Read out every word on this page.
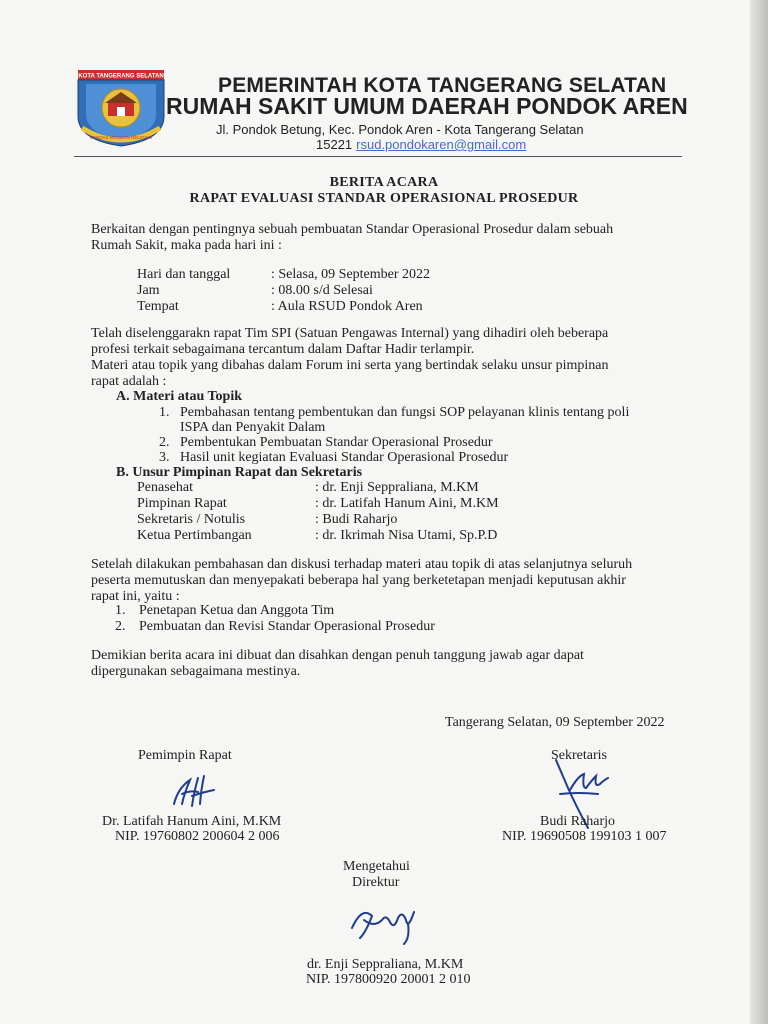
KOTA TANGERANG SELATAN
CERDAS MODERN RELIGIUS
PEMERINTAH KOTA TANGERANG SELATAN
RUMAH SAKIT UMUM DAERAH PONDOK AREN
Jl. Pondok Betung, Kec. Pondok Aren - Kota Tangerang Selatan
15221 rsud.pondokaren@gmail.com
BERITA ACARA
RAPAT EVALUASI STANDAR OPERASIONAL PROSEDUR
Berkaitan dengan pentingnya sebuah pembuatan Standar Operasional Prosedur dalam sebuah
Rumah Sakit, maka pada hari ini :
Hari dan tanggal	: Selasa, 09 September 2022
Jam	: 08.00 s/d Selesai
Tempat	: Aula RSUD Pondok Aren
Telah diselenggarakn rapat Tim SPI (Satuan Pengawas Internal) yang dihadiri oleh beberapa
profesi terkait sebagaimana tercantum dalam Daftar Hadir terlampir.
Materi atau topik yang dibahas dalam Forum ini serta yang bertindak selaku unsur pimpinan
rapat adalah :
A. Materi atau Topik
1. Pembahasan tentang pembentukan dan fungsi SOP pelayanan klinis tentang poli
ISPA dan Penyakit Dalam
2. Pembentukan Pembuatan Standar Operasional Prosedur
3. Hasil unit kegiatan Evaluasi Standar Operasional Prosedur
B. Unsur Pimpinan Rapat dan Sekretaris
Penasehat	: dr. Enji Seppraliana, M.KM
Pimpinan Rapat	: dr. Latifah Hanum Aini, M.KM
Sekretaris / Notulis	: Budi Raharjo
Ketua Pertimbangan	: dr. Ikrimah Nisa Utami, Sp.P.D
Setelah dilakukan pembahasan dan diskusi terhadap materi atau topik di atas selanjutnya seluruh
peserta memutuskan dan menyepakati beberapa hal yang berketetapan menjadi keputusan akhir
rapat ini, yaitu :
1. Penetapan Ketua dan Anggota Tim
2. Pembuatan dan Revisi Standar Operasional Prosedur
Demikian berita acara ini dibuat dan disahkan dengan penuh tanggung jawab agar dapat
dipergunakan sebagaimana mestinya.
Tangerang Selatan, 09 September 2022
Pemimpin Rapat
Dr. Latifah Hanum Aini, M.KM
NIP. 19760802 200604 2 006
Sekretaris
Budi Raharjo
NIP. 19690508 199103 1 007
Mengetahui
Direktur
dr. Enji Seppraliana, M.KM
NIP. 197800920 20001 2 010
